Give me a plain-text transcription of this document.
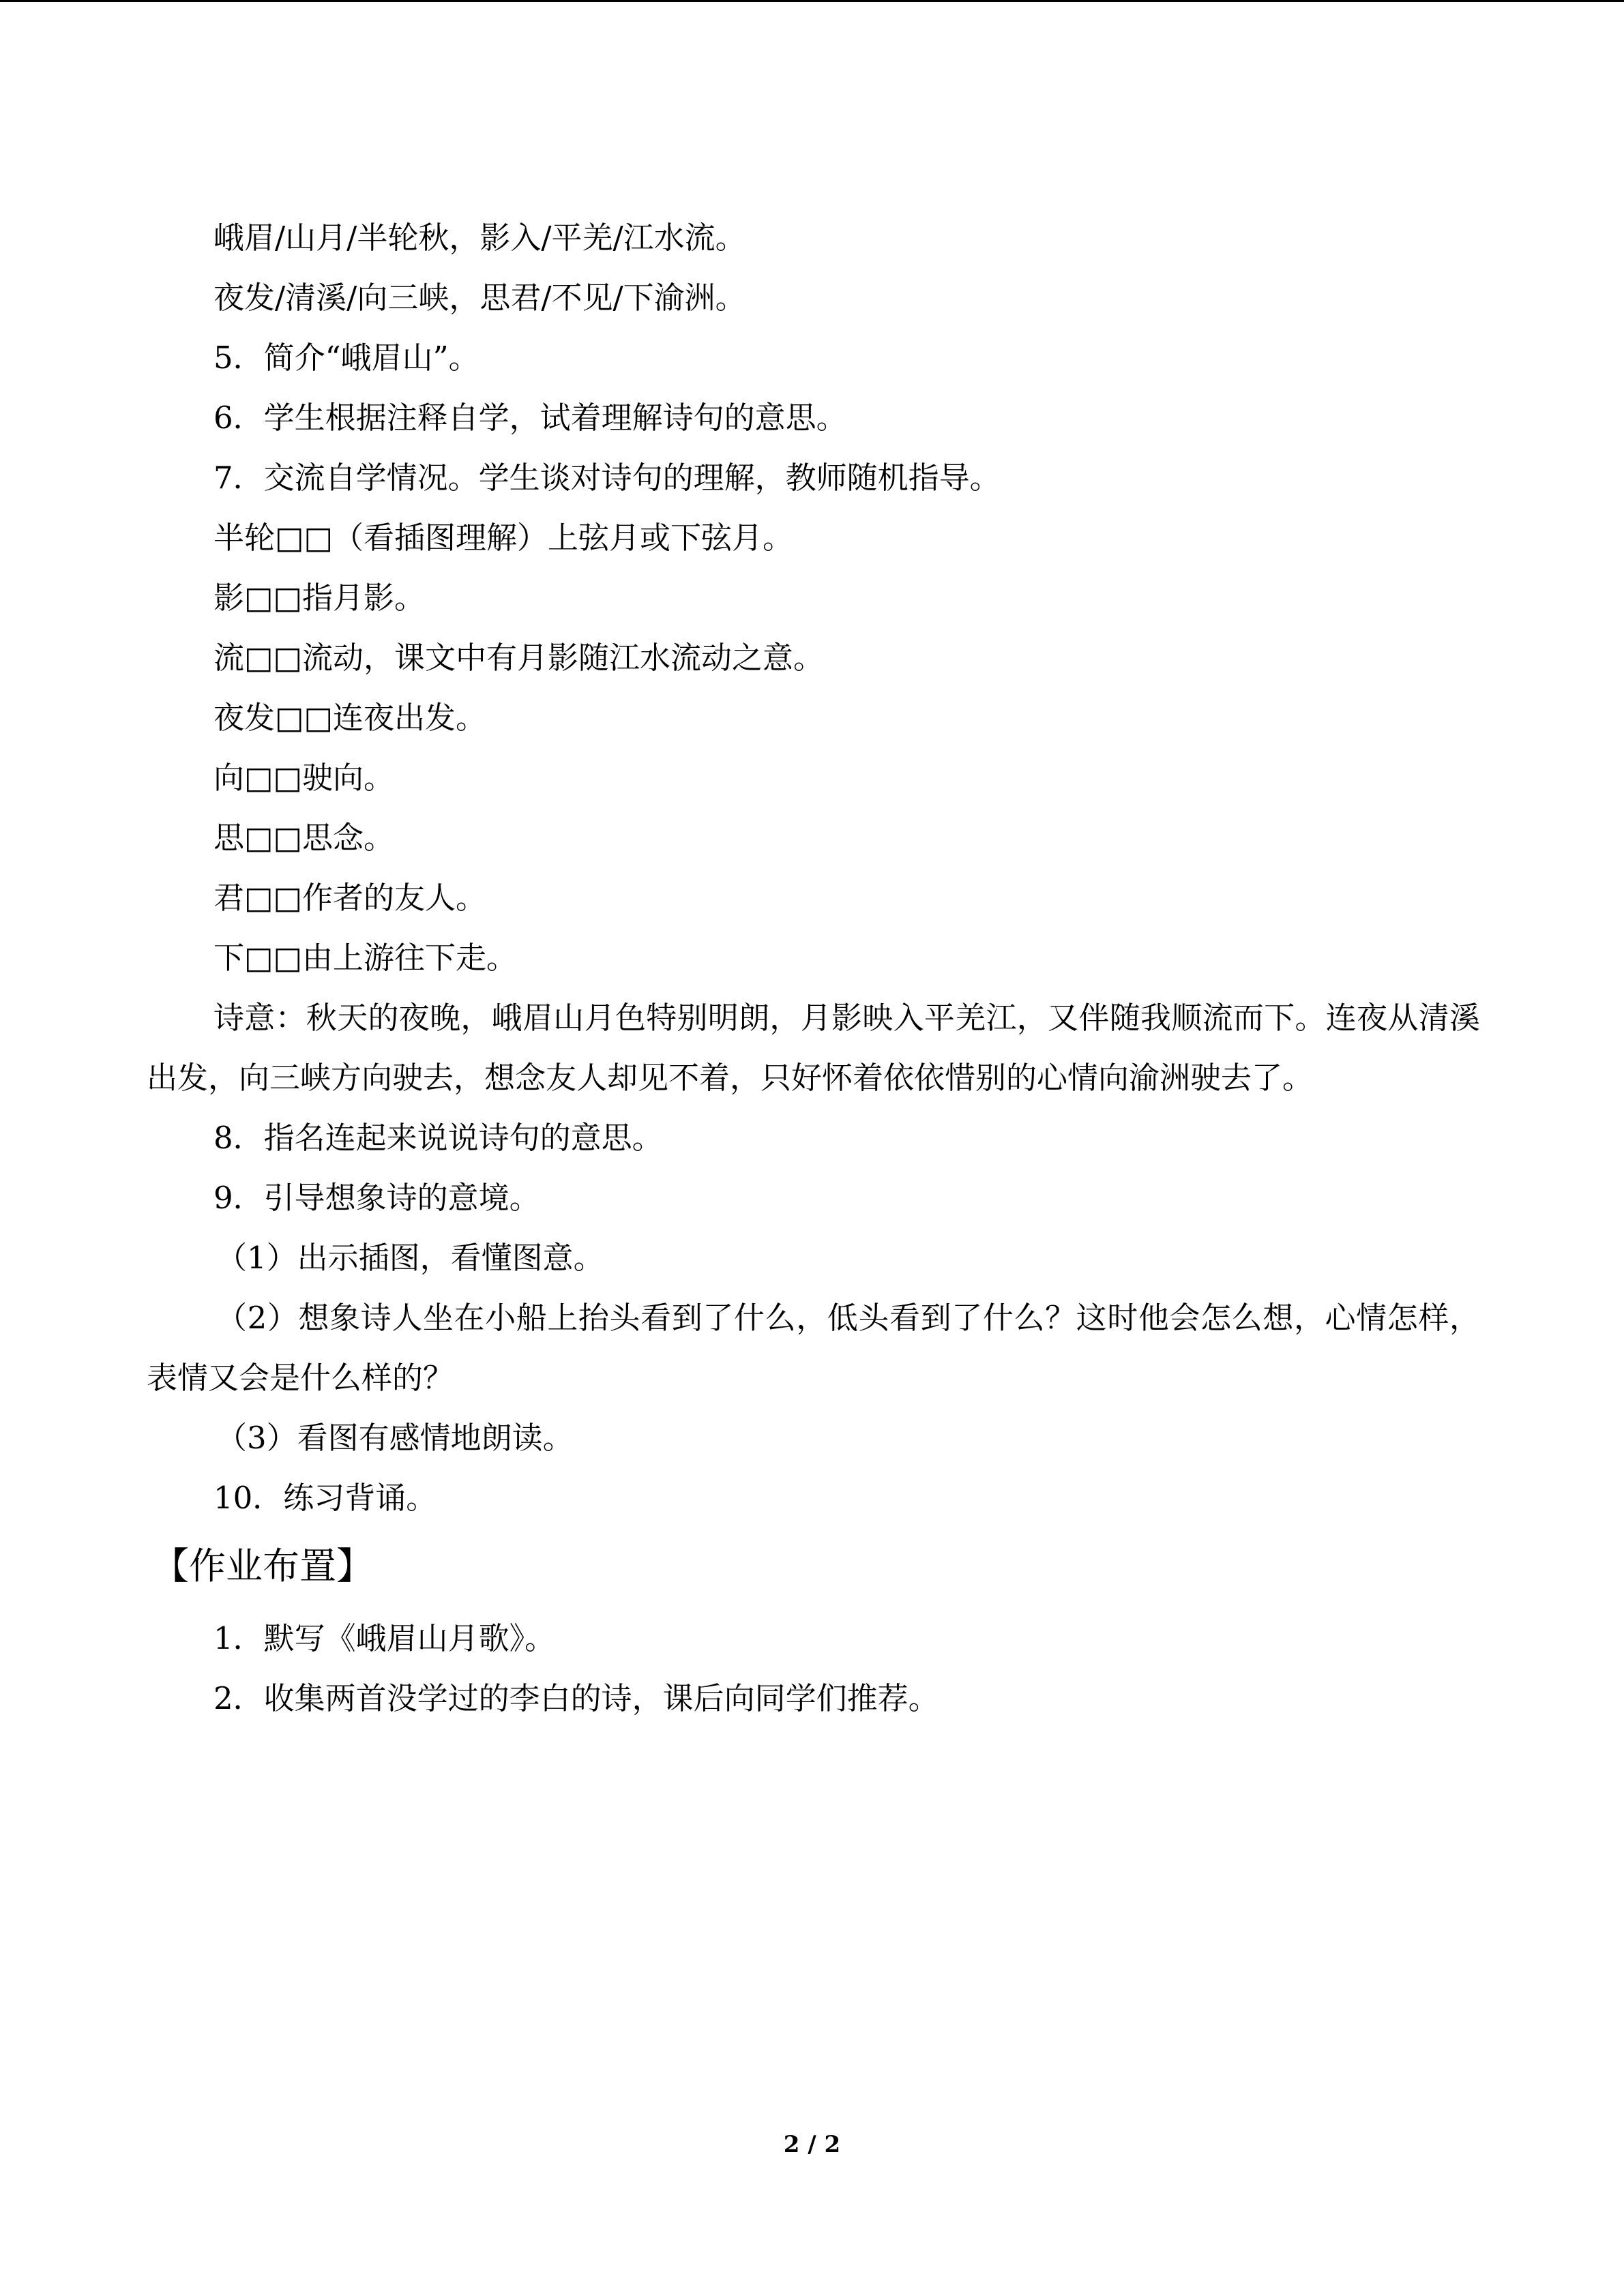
峨眉/山月/半轮秋，影入/平羌/江水流。
夜发/清溪/向三峡，思君/不见/下渝洲。
5．简介“峨眉山”。
6．学生根据注释自学，试着理解诗句的意思。
7．交流自学情况。学生谈对诗句的理解，教师随机指导。
半轮□□（看插图理解）上弦月或下弦月。
影□□指月影。
流□□流动，课文中有月影随江水流动之意。
夜发□□连夜出发。
向□□驶向。
思□□思念。
君□□作者的友人。
下□□由上游往下走。
诗意：秋天的夜晚，峨眉山月色特别明朗，月影映入平羌江，又伴随我顺流而下。连夜从清溪出发，向三峡方向驶去，想念友人却见不着，只好怀着依依惜别的心情向渝洲驶去了。
8．指名连起来说说诗句的意思。
9．引导想象诗的意境。
（1）出示插图，看懂图意。
（2）想象诗人坐在小船上抬头看到了什么，低头看到了什么？这时他会怎么想，心情怎样，表情又会是什么样的？
（3）看图有感情地朗读。
10．练习背诵。
【作业布置】
1．默写《峨眉山月歌》。
2．收集两首没学过的李白的诗，课后向同学们推荐。
2 / 2
